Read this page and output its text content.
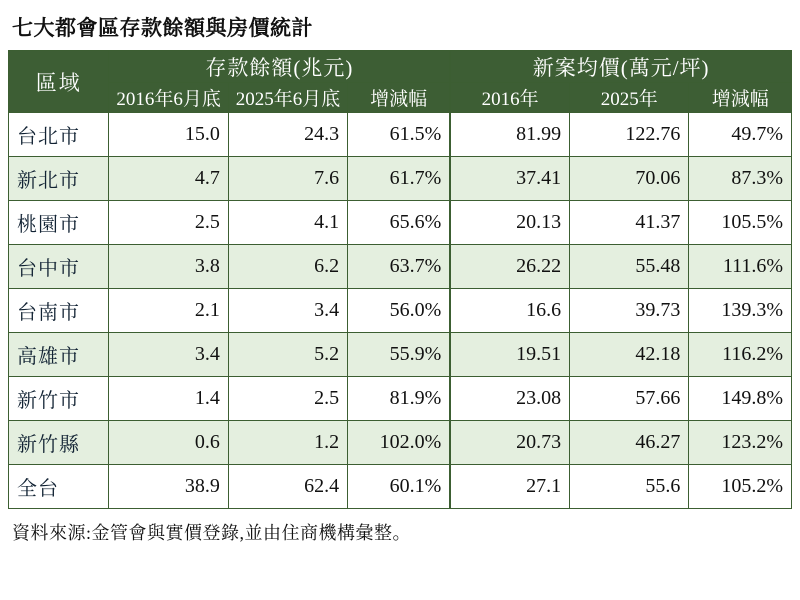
七大都會區存款餘額與房價統計
區域	存款餘額(兆元)			新案均價(萬元/坪)		
	2016年6月底	2025年6月底	增減幅	2016年	2025年	增減幅
台北市	15.0	24.3	61.5%	81.99	122.76	49.7%
新北市	4.7	7.6	61.7%	37.41	70.06	87.3%
桃園市	2.5	4.1	65.6%	20.13	41.37	105.5%
台中市	3.8	6.2	63.7%	26.22	55.48	111.6%
台南市	2.1	3.4	56.0%	16.6	39.73	139.3%
高雄市	3.4	5.2	55.9%	19.51	42.18	116.2%
新竹市	1.4	2.5	81.9%	23.08	57.66	149.8%
新竹縣	0.6	1.2	102.0%	20.73	46.27	123.2%
全台	38.9	62.4	60.1%	27.1	55.6	105.2%
資料來源:金管會與實價登錄,並由住商機構彙整。
